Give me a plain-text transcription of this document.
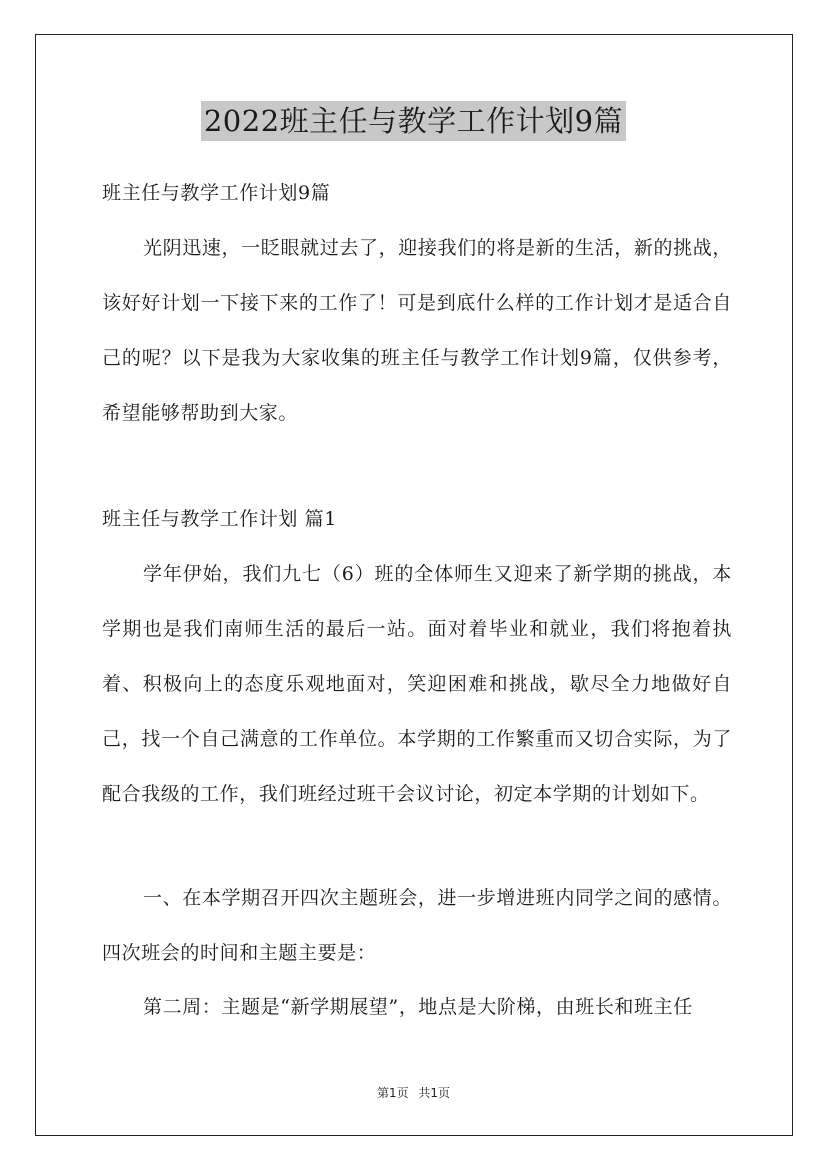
2022班主任与教学工作计划9篇

班主任与教学工作计划9篇

光阴迅速，一眨眼就过去了，迎接我们的将是新的生活，新的挑战，该好好计划一下接下来的工作了！可是到底什么样的工作计划才是适合自己的呢？以下是我为大家收集的班主任与教学工作计划9篇，仅供参考，希望能够帮助到大家。

班主任与教学工作计划 篇1

学年伊始，我们九七（6）班的全体师生又迎来了新学期的挑战，本学期也是我们南师生活的最后一站。面对着毕业和就业，我们将抱着执着、积极向上的态度乐观地面对，笑迎困难和挑战，歇尽全力地做好自己，找一个自己满意的工作单位。本学期的工作繁重而又切合实际，为了配合我级的工作，我们班经过班干会议讨论，初定本学期的计划如下。

一、在本学期召开四次主题班会，进一步增进班内同学之间的感情。四次班会的时间和主题主要是：

第二周：主题是“新学期展望”，地点是大阶梯，由班长和班主任

第1页 共1页
